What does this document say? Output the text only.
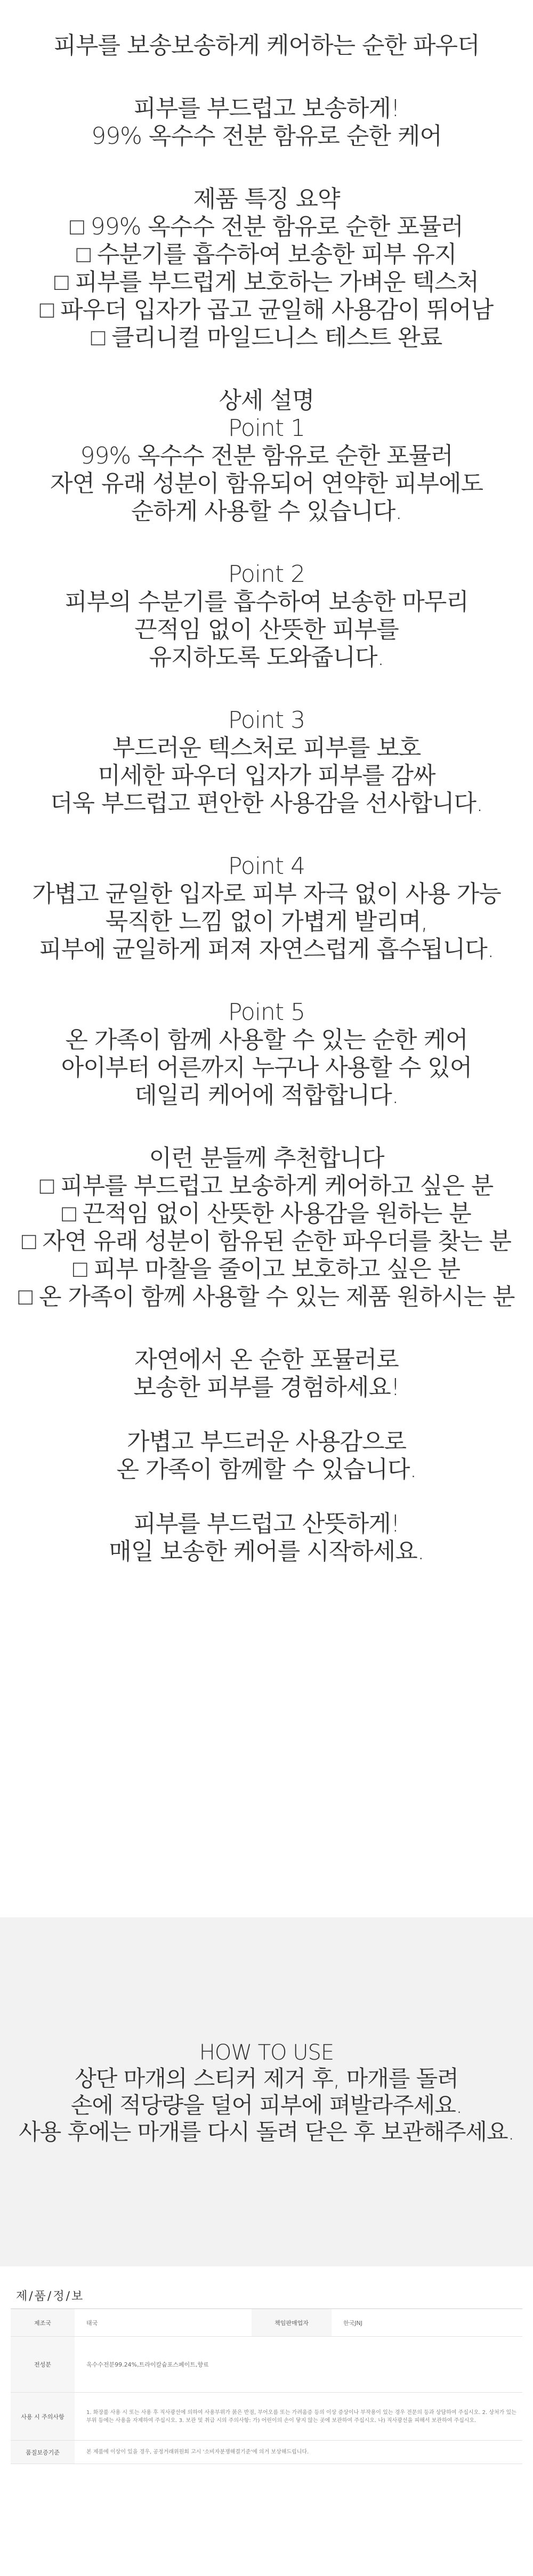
피부를 보송보송하게 케어하는 순한 파우더
피부를 부드럽고 보송하게!
99% 옥수수 전분 함유로 순한 케어
제품 특징 요약
□ 99% 옥수수 전분 함유로 순한 포뮬러
□ 수분기를 흡수하여 보송한 피부 유지
□ 피부를 부드럽게 보호하는 가벼운 텍스처
□ 파우더 입자가 곱고 균일해 사용감이 뛰어남
□ 클리니컬 마일드니스 테스트 완료
상세 설명
Point 1
99% 옥수수 전분 함유로 순한 포뮬러
자연 유래 성분이 함유되어 연약한 피부에도
순하게 사용할 수 있습니다.
Point 2
피부의 수분기를 흡수하여 보송한 마무리
끈적임 없이 산뜻한 피부를
유지하도록 도와줍니다.
Point 3
부드러운 텍스처로 피부를 보호
미세한 파우더 입자가 피부를 감싸
더욱 부드럽고 편안한 사용감을 선사합니다.
Point 4
가볍고 균일한 입자로 피부 자극 없이 사용 가능
묵직한 느낌 없이 가볍게 발리며,
피부에 균일하게 퍼져 자연스럽게 흡수됩니다.
Point 5
온 가족이 함께 사용할 수 있는 순한 케어
아이부터 어른까지 누구나 사용할 수 있어
데일리 케어에 적합합니다.
이런 분들께 추천합니다
□ 피부를 부드럽고 보송하게 케어하고 싶은 분
□ 끈적임 없이 산뜻한 사용감을 원하는 분
□ 자연 유래 성분이 함유된 순한 파우더를 찾는 분
□ 피부 마찰을 줄이고 보호하고 싶은 분
□ 온 가족이 함께 사용할 수 있는 제품 원하시는 분
자연에서 온 순한 포뮬러로
보송한 피부를 경험하세요!
가볍고 부드러운 사용감으로
온 가족이 함께할 수 있습니다.
피부를 부드럽고 산뜻하게!
매일 보송한 케어를 시작하세요.
HOW TO USE
상단 마개의 스티커 제거 후, 마개를 돌려
손에 적당량을 덜어 피부에 펴발라주세요.
사용 후에는 마개를 다시 돌려 닫은 후 보관해주세요.
제/품/정/보
제조국	태국	책임판매업자	한국JNJ
전성분	옥수수전분99.24%,트라이칼슘포스페이트,향료		
사용 시 주의사항	1. 화장품 사용 시 또는 사용 후 직사광선에 의하여 사용부위가 붉은 반점, 부어오름 또는 가려움증 등의 이상 증상이나 부작용이 있는 경우 전문의 등과 상담하여 주십시오. 2. 상처가 있는 부위 등에는 사용을 자제하여 주십시오. 3. 보관 및 취급 시의 주의사항: 가) 어린이의 손이 닿지 않는 곳에 보관하여 주십시오. 나) 직사광선을 피해서 보관하여 주십시오.		
품질보증기준	본 제품에 이상이 있을 경우, 공정거래위원회 고시 '소비자분쟁해결기준'에 의거 보상해드립니다.		
